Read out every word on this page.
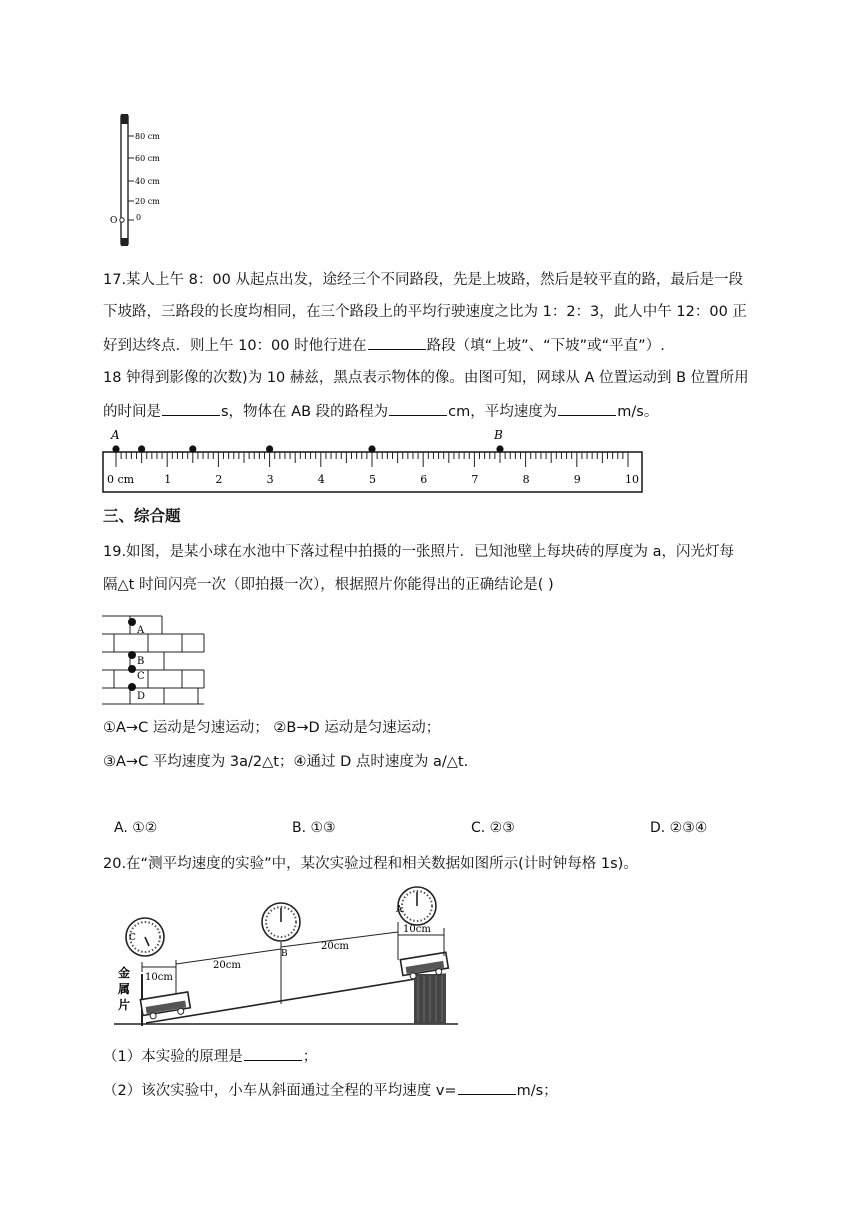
80 cm
60 cm
40 cm
20 cm
0
O
17.某人上午 8：00 从起点出发，途经三个不同路段，先是上坡路，然后是较平直的路，最后是一段
下坡路，三路段的长度均相同，在三个路段上的平均行驶速度之比为 1：2：3，此人中午 12：00 正
好到达终点．则上午 10：00 时他行进在	路段（填“上坡”、“下坡”或“平直”）.
18 钟得到影像的次数)为 10 赫兹，黑点表示物体的像。由图可知，网球从 A 位置运动到 B 位置所用
的时间是	s，物体在 AB 段的路程为	cm，平均速度为	m/s。
A	B
0 cm	1	2	3	4	5	6	7	8	9	10
三、综合题
19.如图，是某小球在水池中下落过程中拍摄的一张照片．已知池壁上每块砖的厚度为 a，闪光灯每
隔△t 时间闪亮一次（即拍摄一次），根据照片你能得出的正确结论是( )
A
B
C
D
①A→C 运动是匀速运动； ②B→D 运动是匀速运动；
③A→C 平均速度为 3a/2△t；④通过 D 点时速度为 a/△t.
A. ①②	B. ①③	C. ②③	D. ②③④
20.在“测平均速度的实验”中，某次实验过程和相关数据如图所示(计时钟每格 1s)。
C
B
A
10cm
20cm
20cm
10cm
金
属
片
（1）本实验的原理是	；
（2）该次实验中，小车从斜面通过全程的平均速度 v=	m/s；
